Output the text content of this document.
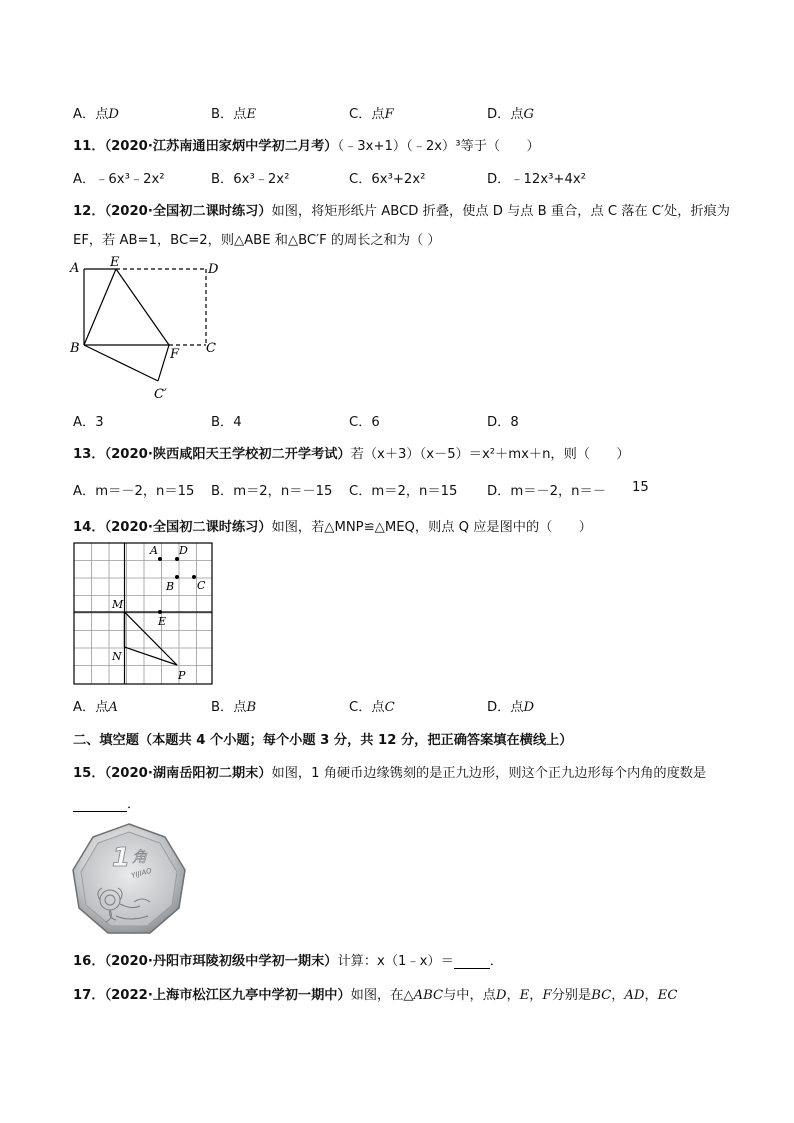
A．点D	B．点E	C．点F	D．点G
11．（2020·江苏南通田家炳中学初二月考）（﹣3x+1）（﹣2x）³等于（　　）
A．﹣6x³﹣2x²	B．6x³﹣2x²	C．6x³+2x²	D．﹣12x³+4x²
12．（2020·全国初二课时练习）如图，将矩形纸片 ABCD 折叠，使点 D 与点 B 重合，点 C 落在 C′处，折痕为
EF，若 AB=1，BC=2，则△ABE 和△BC′F 的周长之和为（ ）
A E	D
B	F C
C′
A．3	B．4	C．6	D．8
13．（2020·陕西咸阳天王学校初二开学考试）若（x＋3）（x－5）＝x²＋mx＋n，则（　　）
A．m＝－2，n＝15 B．m＝2，n＝－15 C．m＝2，n＝15 D．m＝－2，n＝－ 15
14．（2020·全国初二课时练习）如图，若△MNP≌△MEQ，则点 Q 应是图中的（　　）
A D
B C
M
E
N
P
A．点A	B．点B	C．点C	D．点D
二、填空题（本题共 4 个小题；每个小题 3 分，共 12 分，把正确答案填在横线上）
15．（2020·湖南岳阳初二期末）如图，1 角硬币边缘镌刻的是正九边形，则这个正九边形每个内角的度数是
．
1 角
YIJIAO
16．（2020·丹阳市珥陵初级中学初一期末）计算：x（1﹣x）＝	．
17．（2022·上海市松江区九亭中学初一期中）如图，在△ABC与中，点D，E，F分别是BC，AD，EC
